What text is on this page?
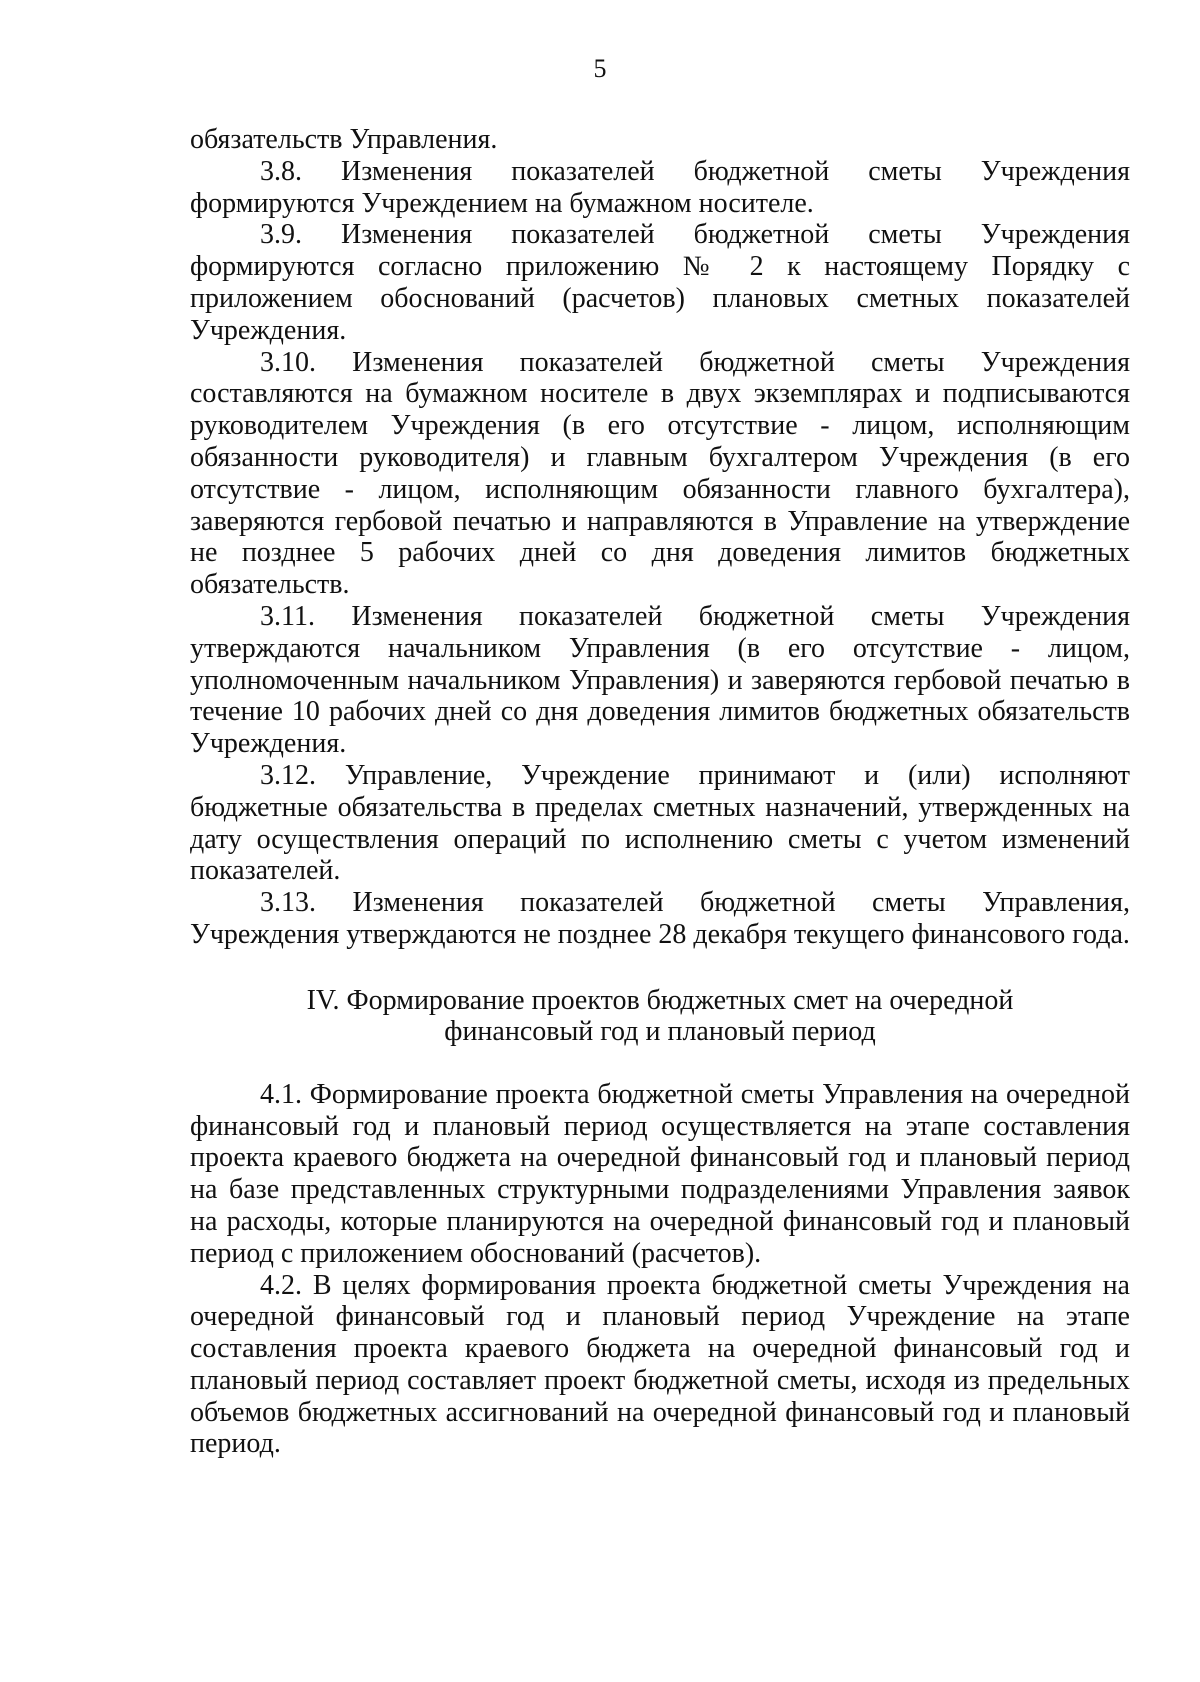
5

обязательств Управления.

3.8. Изменения показателей бюджетной сметы Учреждения формируются Учреждением на бумажном носителе.

3.9. Изменения показателей бюджетной сметы Учреждения формируются согласно приложению № 2 к настоящему Порядку с приложением обоснований (расчетов) плановых сметных показателей Учреждения.

3.10. Изменения показателей бюджетной сметы Учреждения составляются на бумажном носителе в двух экземплярах и подписываются руководителем Учреждения (в его отсутствие - лицом, исполняющим обязанности руководителя) и главным бухгалтером Учреждения (в его отсутствие - лицом, исполняющим обязанности главного бухгалтера), заверяются гербовой печатью и направляются в Управление на утверждение не позднее 5 рабочих дней со дня доведения лимитов бюджетных обязательств.

3.11. Изменения показателей бюджетной сметы Учреждения утверждаются начальником Управления (в его отсутствие - лицом, уполномоченным начальником Управления) и заверяются гербовой печатью в течение 10 рабочих дней со дня доведения лимитов бюджетных обязательств Учреждения.

3.12. Управление, Учреждение принимают и (или) исполняют бюджетные обязательства в пределах сметных назначений, утвержденных на дату осуществления операций по исполнению сметы с учетом изменений показателей.

3.13. Изменения показателей бюджетной сметы Управления, Учреждения утверждаются не позднее 28 декабря текущего финансового года.

IV. Формирование проектов бюджетных смет на очередной
финансовый год и плановый период

4.1. Формирование проекта бюджетной сметы Управления на очередной финансовый год и плановый период осуществляется на этапе составления проекта краевого бюджета на очередной финансовый год и плановый период на базе представленных структурными подразделениями Управления заявок на расходы, которые планируются на очередной финансовый год и плановый период с приложением обоснований (расчетов).

4.2. В целях формирования проекта бюджетной сметы Учреждения на очередной финансовый год и плановый период Учреждение на этапе составления проекта краевого бюджета на очередной финансовый год и плановый период составляет проект бюджетной сметы, исходя из предельных объемов бюджетных ассигнований на очередной финансовый год и плановый период.
